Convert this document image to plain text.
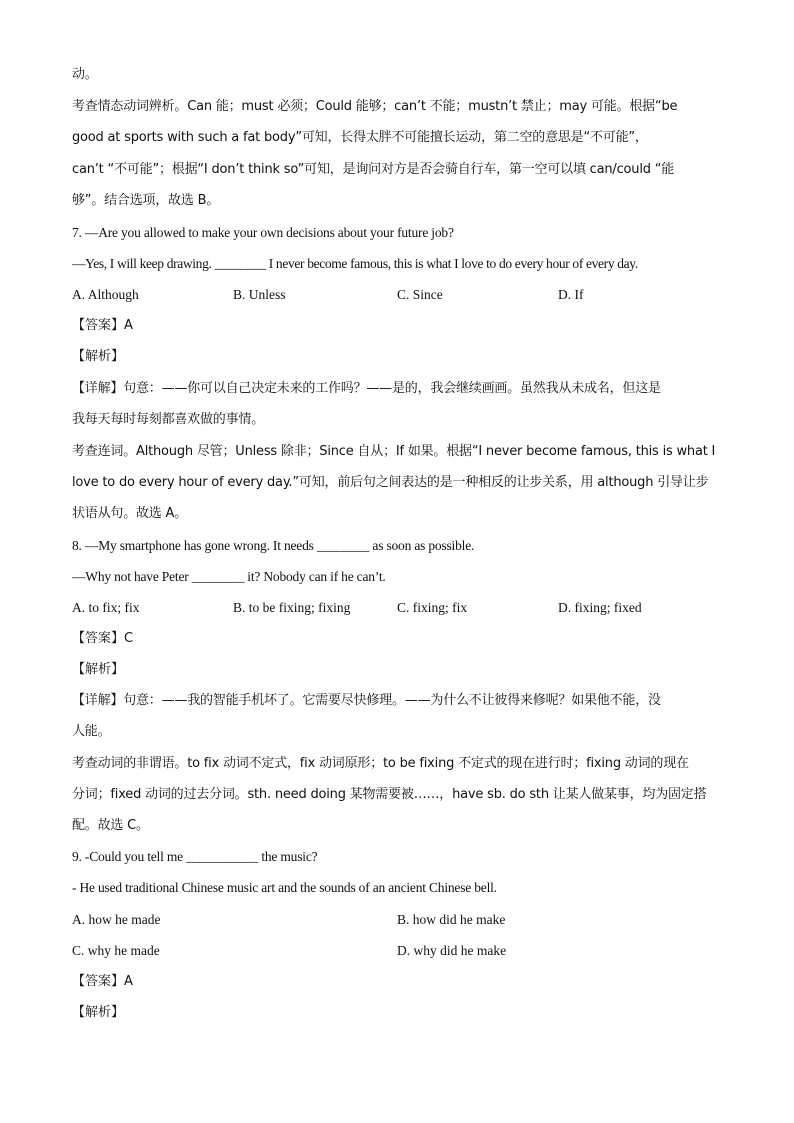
动。
考查情态动词辨析。Can 能；must 必须；Could 能够；can’t 不能；mustn’t 禁止；may 可能。根据“be
good at sports with such a fat body”可知，长得太胖不可能擅长运动，第二空的意思是“不可能”，
can’t “不可能”；根据“I don’t think so”可知，是询问对方是否会骑自行车，第一空可以填 can/could “能
够”。结合选项，故选 B。
7. —Are you allowed to make your own decisions about your future job?
—Yes, I will keep drawing. ________ I never become famous, this is what I love to do every hour of every day.
A. Although	B. Unless	C. Since	D. If
【答案】A
【解析】
【详解】句意：——你可以自己决定未来的工作吗？——是的，我会继续画画。虽然我从未成名，但这是
我每天每时每刻都喜欢做的事情。
考查连词。Although 尽管；Unless 除非；Since 自从；If 如果。根据“I never become famous, this is what I
love to do every hour of every day.”可知，前后句之间表达的是一种相反的让步关系，用 although 引导让步
状语从句。故选 A。
8. —My smartphone has gone wrong. It needs ________ as soon as possible.
—Why not have Peter ________ it? Nobody can if he can’t.
A. to fix; fix	B. to be fixing; fixing	C. fixing; fix	D. fixing; fixed
【答案】C
【解析】
【详解】句意：——我的智能手机坏了。它需要尽快修理。——为什么不让彼得来修呢？如果他不能，没
人能。
考查动词的非谓语。to fix 动词不定式，fix 动词原形；to be fixing 不定式的现在进行时；fixing 动词的现在
分词；fixed 动词的过去分词。sth. need doing 某物需要被……，have sb. do sth 让某人做某事，均为固定搭
配。故选 C。
9. -Could you tell me ___________ the music?
- He used traditional Chinese music art and the sounds of an ancient Chinese bell.
A. how he made	B. how did he make
C. why he made	D. why did he make
【答案】A
【解析】
